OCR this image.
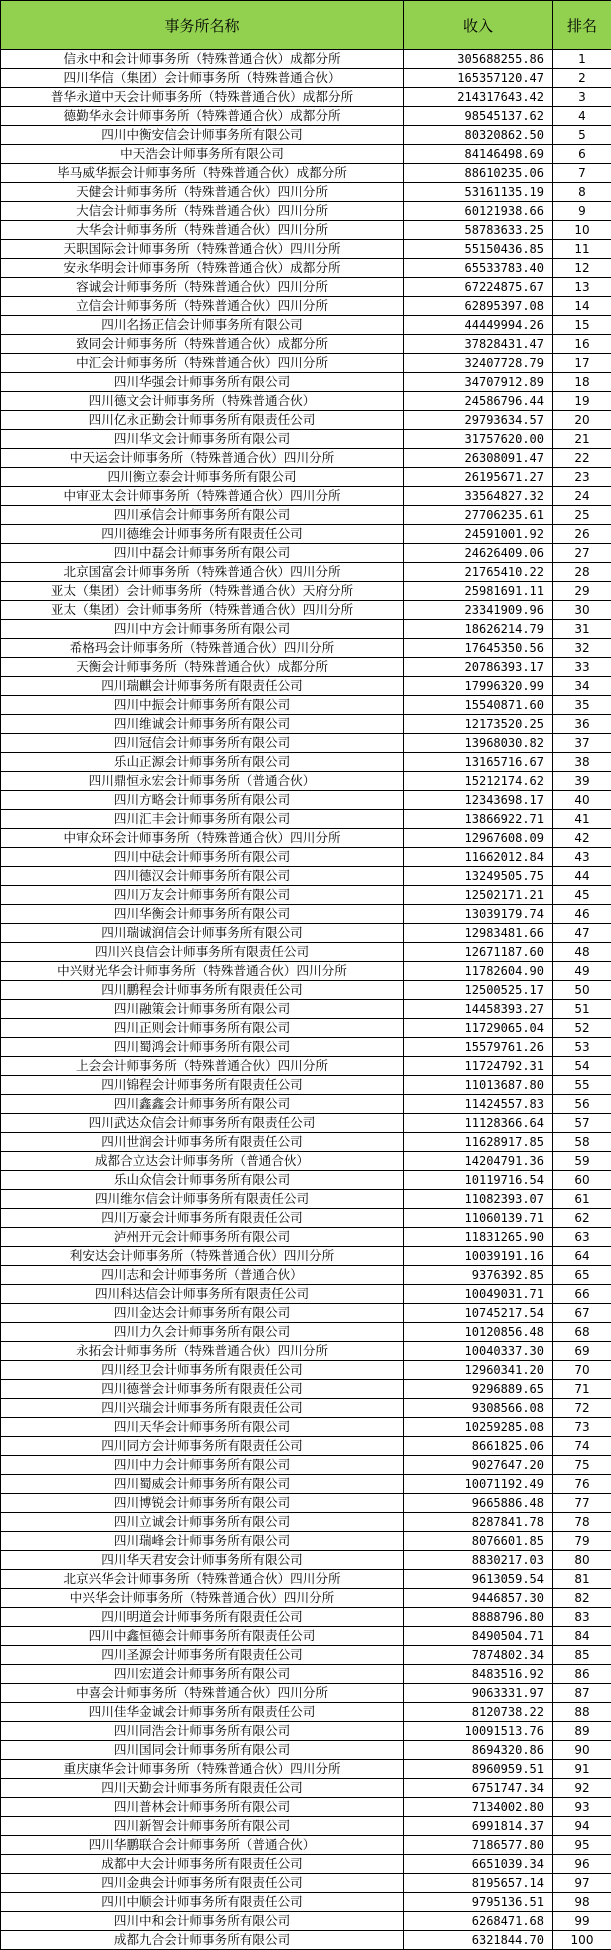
事务所名称	收入	排名
信永中和会计师事务所（特殊普通合伙）成都分所	305688255.86	1
四川华信（集团）会计师事务所（特殊普通合伙）	165357120.47	2
普华永道中天会计师事务所（特殊普通合伙）成都分所	214317643.42	3
德勤华永会计师事务所（特殊普通合伙）成都分所	98545137.62	4
四川中衡安信会计师事务所有限公司	80320862.50	5
中天浩会计师事务所有限公司	84146498.69	6
毕马威华振会计师事务所（特殊普通合伙）成都分所	88610235.06	7
天健会计师事务所（特殊普通合伙）四川分所	53161135.19	8
大信会计师事务所（特殊普通合伙）四川分所	60121938.66	9
大华会计师事务所（特殊普通合伙）四川分所	58783633.25	10
天职国际会计师事务所（特殊普通合伙）四川分所	55150436.85	11
安永华明会计师事务所（特殊普通合伙）成都分所	65533783.40	12
容诚会计师事务所（特殊普通合伙）四川分所	67224875.67	13
立信会计师事务所（特殊普通合伙）四川分所	62895397.08	14
四川名扬正信会计师事务所有限公司	44449994.26	15
致同会计师事务所（特殊普通合伙）成都分所	37828431.47	16
中汇会计师事务所（特殊普通合伙）四川分所	32407728.79	17
四川华强会计师事务所有限公司	34707912.89	18
四川德文会计师事务所（特殊普通合伙）	24586796.44	19
四川亿永正勤会计师事务所有限责任公司	29793634.57	20
四川华文会计师事务所有限公司	31757620.00	21
中天运会计师事务所（特殊普通合伙）四川分所	26308091.47	22
四川衡立泰会计师事务所有限公司	26195671.27	23
中审亚太会计师事务所（特殊普通合伙）四川分所	33564827.32	24
四川承信会计师事务所有限公司	27706235.61	25
四川德维会计师事务所有限责任公司	24591001.92	26
四川中磊会计师事务所有限公司	24626409.06	27
北京国富会计师事务所（特殊普通合伙）四川分所	21765410.22	28
亚太（集团）会计师事务所（特殊普通合伙）天府分所	25981691.11	29
亚太（集团）会计师事务所（特殊普通合伙）四川分所	23341909.96	30
四川中方会计师事务所有限公司	18626214.79	31
希格玛会计师事务所（特殊普通合伙）四川分所	17645350.56	32
天衡会计师事务所（特殊普通合伙）成都分所	20786393.17	33
四川瑞麒会计师事务所有限责任公司	17996320.99	34
四川中振会计师事务所有限公司	15540871.60	35
四川维诚会计师事务所有限公司	12173520.25	36
四川冠信会计师事务所有限公司	13968030.82	37
乐山正源会计师事务所有限公司	13165716.67	38
四川鼎恒永宏会计师事务所（普通合伙）	15212174.62	39
四川方略会计师事务所有限公司	12343698.17	40
四川汇丰会计师事务所有限公司	13866922.71	41
中审众环会计师事务所（特殊普通合伙）四川分所	12967608.09	42
四川中砝会计师事务所有限公司	11662012.84	43
四川德汉会计师事务所有限公司	13249505.75	44
四川万友会计师事务所有限公司	12502171.21	45
四川华衡会计师事务所有限公司	13039179.74	46
四川瑞诚润信会计师事务所有限公司	12983481.66	47
四川兴良信会计师事务所有限责任公司	12671187.60	48
中兴财光华会计师事务所（特殊普通合伙）四川分所	11782604.90	49
四川鹏程会计师事务所有限责任公司	12500525.17	50
四川融策会计师事务所有限公司	14458393.27	51
四川正则会计师事务所有限公司	11729065.04	52
四川蜀鸿会计师事务所有限公司	15579761.26	53
上会会计师事务所（特殊普通合伙）四川分所	11724792.31	54
四川锦程会计师事务所有限责任公司	11013687.80	55
四川鑫鑫会计师事务所有限公司	11424557.83	56
四川武达众信会计师事务所有限责任公司	11128366.64	57
四川世润会计师事务所有限责任公司	11628917.85	58
成都合立达会计师事务所（普通合伙）	14204791.36	59
乐山众信会计师事务所有限公司	10119716.54	60
四川维尔信会计师事务所有限责任公司	11082393.07	61
四川万豪会计师事务所有限责任公司	11060139.71	62
泸州开元会计师事务所有限公司	11831265.90	63
利安达会计师事务所（特殊普通合伙）四川分所	10039191.16	64
四川志和会计师事务所（普通合伙）	9376392.85	65
四川科达信会计师事务所有限责任公司	10049031.71	66
四川金达会计师事务所有限公司	10745217.54	67
四川力久会计师事务所有限公司	10120856.48	68
永拓会计师事务所（特殊普通合伙）四川分所	10040337.30	69
四川经卫会计师事务所有限责任公司	12960341.20	70
四川德誉会计师事务所有限责任公司	9296889.65	71
四川兴瑞会计师事务所有限责任公司	9308566.08	72
四川天华会计师事务所有限公司	10259285.08	73
四川同方会计师事务所有限责任公司	8661825.06	74
四川中力会计师事务所有限公司	9027647.20	75
四川蜀威会计师事务所有限公司	10071192.49	76
四川博锐会计师事务所有限公司	9665886.48	77
四川立诚会计师事务所有限公司	8287841.78	78
四川瑞峰会计师事务所有限公司	8076601.85	79
四川华天君安会计师事务所有限公司	8830217.03	80
北京兴华会计师事务所（特殊普通合伙）四川分所	9613059.54	81
中兴华会计师事务所（特殊普通合伙）四川分所	9446857.30	82
四川明道会计师事务所有限责任公司	8888796.80	83
四川中鑫恒德会计师事务所有限责任公司	8490504.71	84
四川圣源会计师事务所有限责任公司	7874802.34	85
四川宏道会计师事务所有限公司	8483516.92	86
中喜会计师事务所（特殊普通合伙）四川分所	9063331.97	87
四川佳华金诚会计师事务所有限责任公司	8120738.22	88
四川同浩会计师事务所有限公司	10091513.76	89
四川国同会计师事务所有限公司	8694320.86	90
重庆康华会计师事务所（特殊普通合伙）四川分所	8960959.51	91
四川天勤会计师事务所有限责任公司	6751747.34	92
四川普林会计师事务所有限公司	7134002.80	93
四川新智会计师事务所有限公司	6991814.37	94
四川华鹏联合会计师事务所（普通合伙）	7186577.80	95
成都中大会计师事务所有限责任公司	6651039.34	96
四川金典会计师事务所有限责任公司	8195657.14	97
四川中顺会计师事务所有限责任公司	9795136.51	98
四川中和会计师事务所有限公司	6268471.68	99
成都九合会计师事务所有限公司	6321844.70	100
